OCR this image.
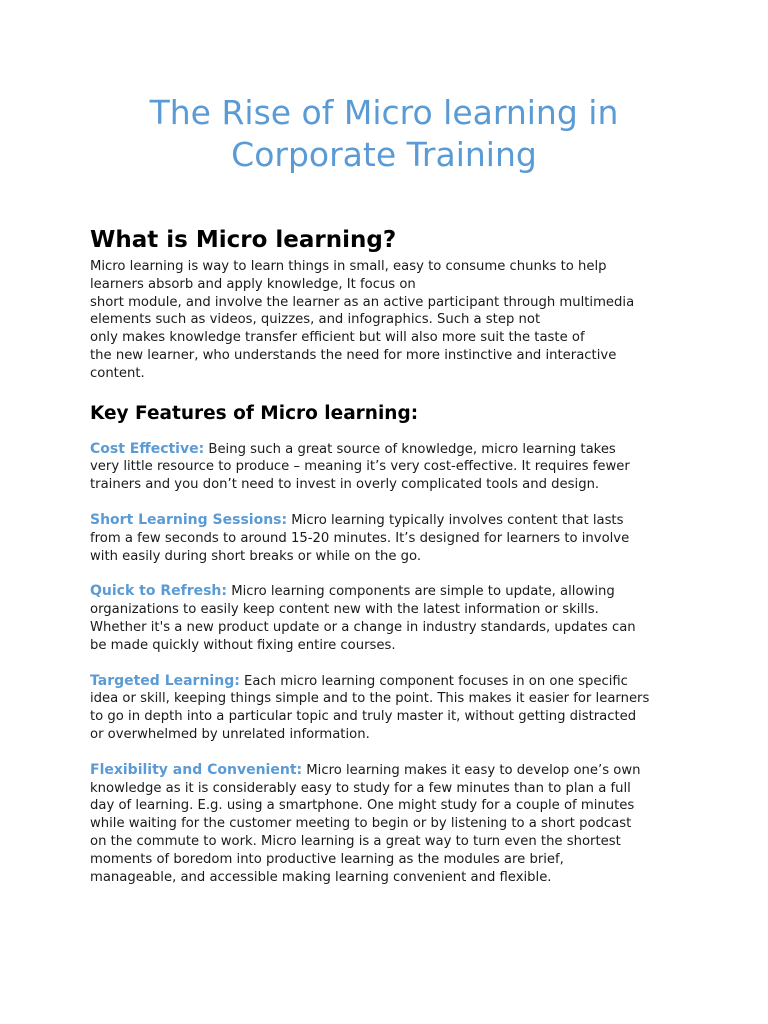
The Rise of Micro learning in
Corporate Training
What is Micro learning?
Micro learning is way to learn things in small, easy to consume chunks to help
learners absorb and apply knowledge, It focus on
short module, and involve the learner as an active participant through multimedia
elements such as videos, quizzes, and infographics. Such a step not
only makes knowledge transfer efficient but will also more suit the taste of
the new learner, who understands the need for more instinctive and interactive
content.
Key Features of Micro learning:
Cost Effective: Being such a great source of knowledge, micro learning takes
very little resource to produce – meaning it’s very cost-effective. It requires fewer
trainers and you don’t need to invest in overly complicated tools and design.
Short Learning Sessions: Micro learning typically involves content that lasts
from a few seconds to around 15-20 minutes. It’s designed for learners to involve
with easily during short breaks or while on the go.
Quick to Refresh: Micro learning components are simple to update, allowing
organizations to easily keep content new with the latest information or skills.
Whether it's a new product update or a change in industry standards, updates can
be made quickly without fixing entire courses.
Targeted Learning: Each micro learning component focuses in on one specific
idea or skill, keeping things simple and to the point. This makes it easier for learners
to go in depth into a particular topic and truly master it, without getting distracted
or overwhelmed by unrelated information.
Flexibility and Convenient: Micro learning makes it easy to develop one’s own
knowledge as it is considerably easy to study for a few minutes than to plan a full
day of learning. E.g. using a smartphone. One might study for a couple of minutes
while waiting for the customer meeting to begin or by listening to a short podcast
on the commute to work. Micro learning is a great way to turn even the shortest
moments of boredom into productive learning as the modules are brief,
manageable, and accessible making learning convenient and flexible.
